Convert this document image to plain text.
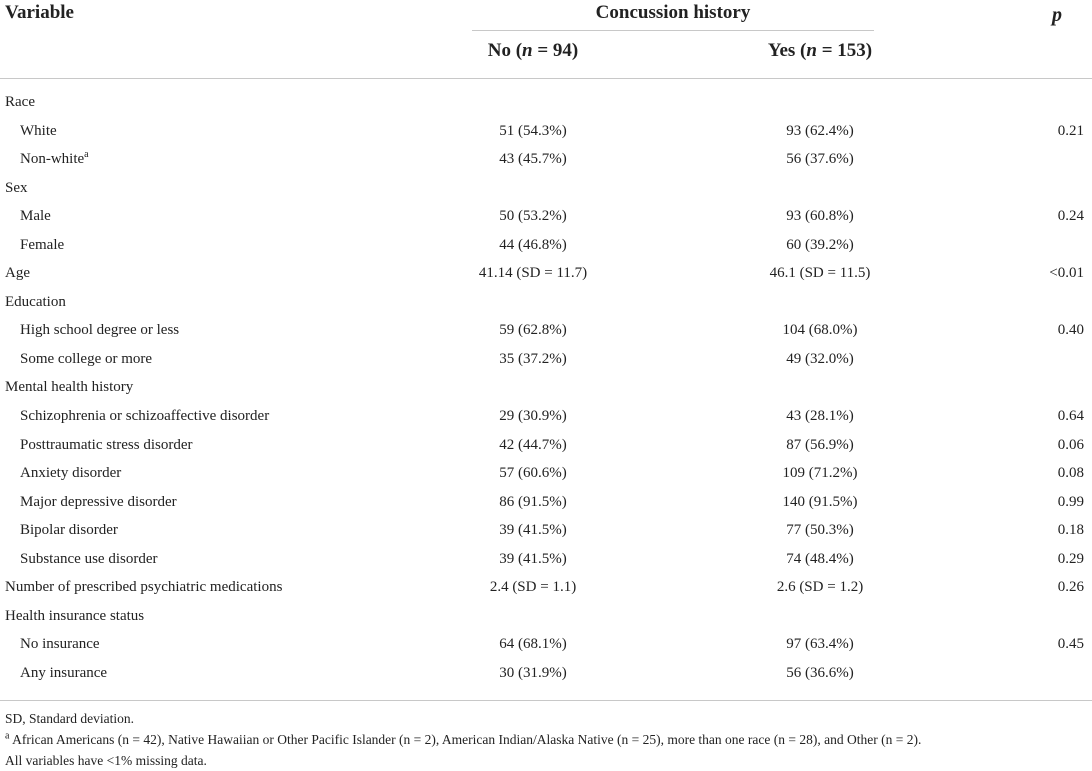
Variable	Concussion history	p
No (n = 94)	Yes (n = 153)
Race
White	51 (54.3%)	93 (62.4%)	0.21
Non-white$^a$	43 (45.7%)	56 (37.6%)
Sex
Male	50 (53.2%)	93 (60.8%)	0.24
Female	44 (46.8%)	60 (39.2%)
Age	41.14 (SD = 11.7)	46.1 (SD = 11.5)	<0.01
Education
High school degree or less	59 (62.8%)	104 (68.0%)	0.40
Some college or more	35 (37.2%)	49 (32.0%)
Mental health history
Schizophrenia or schizoaffective disorder	29 (30.9%)	43 (28.1%)	0.64
Posttraumatic stress disorder	42 (44.7%)	87 (56.9%)	0.06
Anxiety disorder	57 (60.6%)	109 (71.2%)	0.08
Major depressive disorder	86 (91.5%)	140 (91.5%)	0.99
Bipolar disorder	39 (41.5%)	77 (50.3%)	0.18
Substance use disorder	39 (41.5%)	74 (48.4%)	0.29
Number of prescribed psychiatric medications	2.4 (SD = 1.1)	2.6 (SD = 1.2)	0.26
Health insurance status
No insurance	64 (68.1%)	97 (63.4%)	0.45
Any insurance	30 (31.9%)	56 (36.6%)
SD, Standard deviation.
$^a$ African Americans (n = 42), Native Hawaiian or Other Pacific Islander (n = 2), American Indian/Alaska Native (n = 25), more than one race (n = 28), and Other (n = 2).
All variables have <1% missing data.
